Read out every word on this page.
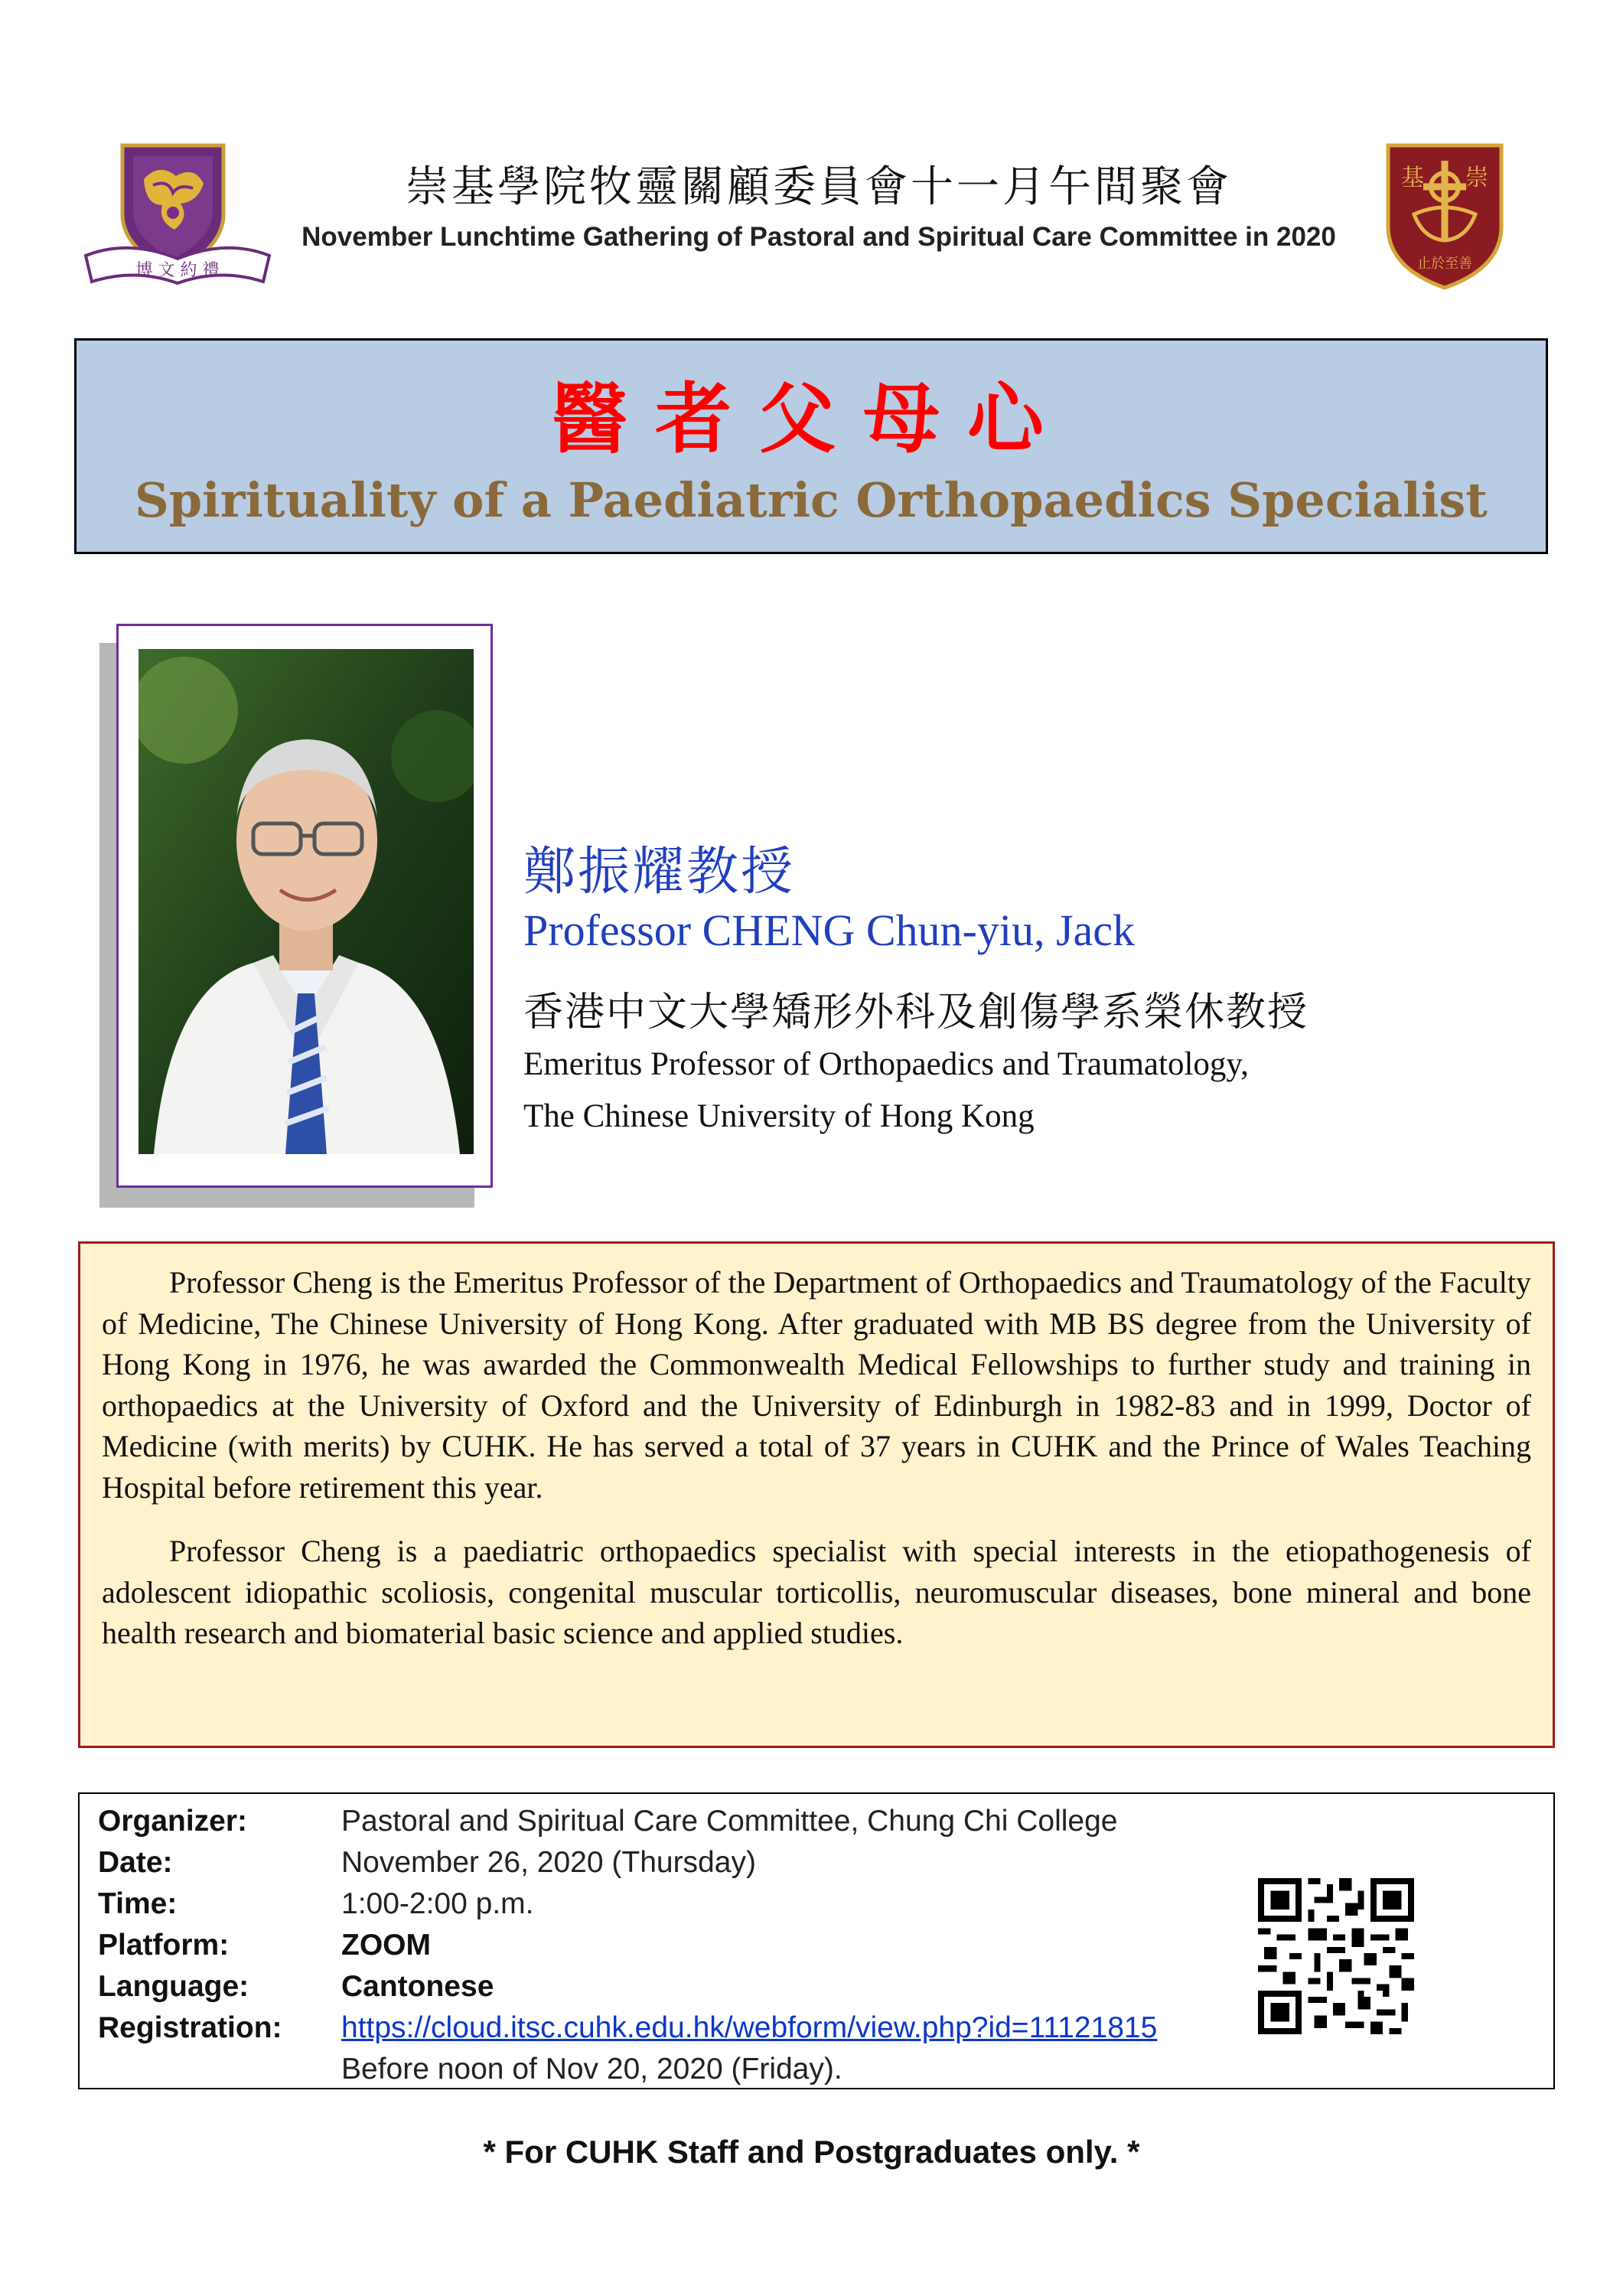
博 文 約 禮
崇基學院牧靈關顧委員會十一月午間聚會
November Lunchtime Gathering of Pastoral and Spiritual Care Committee in 2020
基 崇
止於至善
醫者父母心
Spirituality of a Paediatric Orthopaedics Specialist
鄭振耀教授
Professor CHENG Chun-yiu, Jack
香港中文大學矯形外科及創傷學系榮休教授
Emeritus Professor of Orthopaedics and Traumatology,
The Chinese University of Hong Kong

Professor Cheng is the Emeritus Professor of the Department of Orthopaedics and Traumatology of the Faculty of Medicine, The Chinese University of Hong Kong. After graduated with MB BS degree from the University of Hong Kong in 1976, he was awarded the Commonwealth Medical Fellowships to further study and training in orthopaedics at the University of Oxford and the University of Edinburgh in 1982-83 and in 1999, Doctor of Medicine (with merits) by CUHK. He has served a total of 37 years in CUHK and the Prince of Wales Teaching Hospital before retirement this year.

Professor Cheng is a paediatric orthopaedics specialist with special interests in the etiopathogenesis of adolescent idiopathic scoliosis, congenital muscular torticollis, neuromuscular diseases, bone mineral and bone health research and biomaterial basic science and applied studies.

Organizer:	Pastoral and Spiritual Care Committee, Chung Chi College
Date:	November 26, 2020 (Thursday)
Time:	1:00-2:00 p.m.
Platform:	ZOOM
Language:	Cantonese
Registration:	https://cloud.itsc.cuhk.edu.hk/webform/view.php?id=11121815
Before noon of Nov 20, 2020 (Friday).
* For CUHK Staff and Postgraduates only. *
